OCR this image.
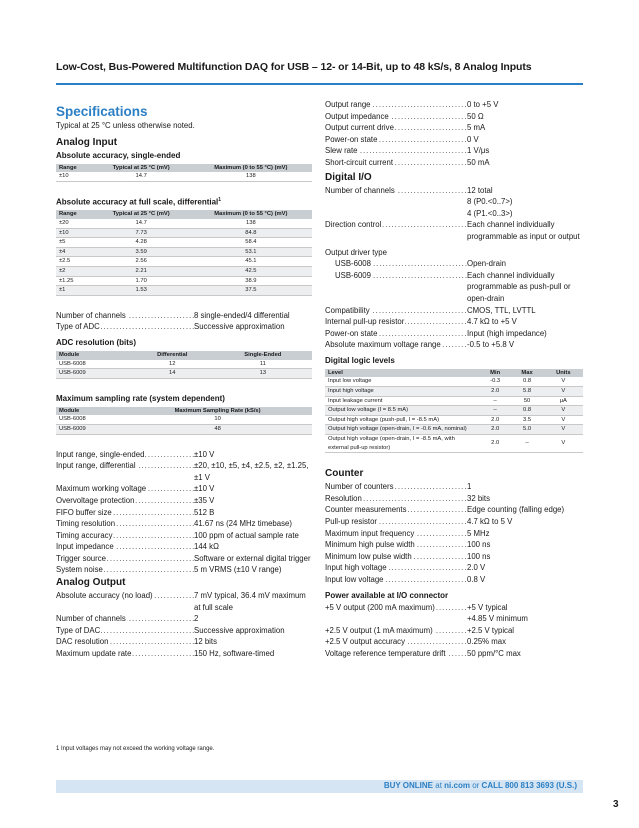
Low-Cost, Bus-Powered Multifunction DAQ for USB – 12- or 14-Bit, up to 48 kS/s, 8 Analog Inputs

Specifications

Typical at 25 °C unless otherwise noted.

Analog Input

Absolute accuracy, single-ended

Range	Typical at 25 °C (mV)	Maximum (0 to 55 °C) (mV)
±10	14.7	138

Absolute accuracy at full scale, differential$^1$

Range	Typical at 25 °C (mV)	Maximum (0 to 55 °C) (mV)
±20	14.7	138
±10	7.73	84.8
±5	4.28	58.4
±4	3.59	53.1
±2.5	2.56	45.1
±2	2.21	42.5
±1.25	1.70	38.9
±1	1.53	37.5
Number of channels .....	8 single-ended/4 differential
Type of ADC .....	Successive approximation

ADC resolution (bits)

Module	Differential	Single-Ended
USB-6008	12	11
USB-6009	14	13

Maximum sampling rate (system dependent)

Module	Maximum Sampling Rate (kS/s)
USB-6008	10
USB-6009	48
Input range, single-ended .....	±10 V
Input range, differential .....	±20, ±10, ±5, ±4, ±2.5, ±2, ±1.25, ±1 V
Maximum working voltage .....	±10 V
Overvoltage protection .....	±35 V
FIFO buffer size .....	512 B
Timing resolution .....	41.67 ns (24 MHz timebase)
Timing accuracy .....	100 ppm of actual sample rate
Input impedance .....	144 kΩ
Trigger source .....	Software or external digital trigger
System noise .....	5 m VRMS (±10 V range)

Analog Output

Absolute accuracy (no load) .....	7 mV typical, 36.4 mV maximum at full scale
Number of channels .....	2
Type of DAC .....	Successive approximation
DAC resolution .....	12 bits
Maximum update rate .....	150 Hz, software-timed
Output range .....	0 to +5 V
Output impedance .....	50 Ω
Output current drive .....	5 mA
Power-on state .....	0 V
Slew rate .....	1 V/μs
Short-circuit current .....	50 mA

Digital I/O

Number of channels .....	12 total
8 (P0.<0..7>)
4 (P1.<0..3>)
Direction control .....	Each channel individually programmable as input or output
Output driver type
USB-6008 .....	Open-drain
USB-6009 .....	Each channel individually programmable as push-pull or open-drain
Compatibility .....	CMOS, TTL, LVTTL
Internal pull-up resistor .....	4.7 kΩ to +5 V
Power-on state .....	Input (high impedance)
Absolute maximum voltage range .....	-0.5 to +5.8 V

Digital logic levels

Level	Min	Max	Units
Input low voltage	-0.3	0.8	V
Input high voltage	2.0	5.8	V
Input leakage current	–	50	μA
Output low voltage (I = 8.5 mA)	–	0.8	V
Output high voltage (push-pull, I = -8.5 mA)	2.0	3.5	V
Output high voltage (open-drain, I = -0.6 mA, nominal)	2.0	5.0	V
Output high voltage (open-drain, I = -8.5 mA, with external pull-up resistor)	2.0	–	V

Counter

Number of counters .....	1
Resolution .....	32 bits
Counter measurements .....	Edge counting (falling edge)
Pull-up resistor .....	4.7 kΩ to 5 V
Maximum input frequency .....	5 MHz
Minimum high pulse width .....	100 ns
Minimum low pulse width .....	100 ns
Input high voltage .....	2.0 V
Input low voltage .....	0.8 V

Power available at I/O connector

+5 V output (200 mA maximum) .....	+5 V typical
+4.85 V minimum
+2.5 V output (1 mA maximum) .....	+2.5 V typical
+2.5 V output accuracy .....	0.25% max
Voltage reference temperature drift .....	50 ppm/°C max
1 Input voltages may not exceed the working voltage range.
BUY ONLINE at ni.com or CALL 800 813 3693 (U.S.)
3
